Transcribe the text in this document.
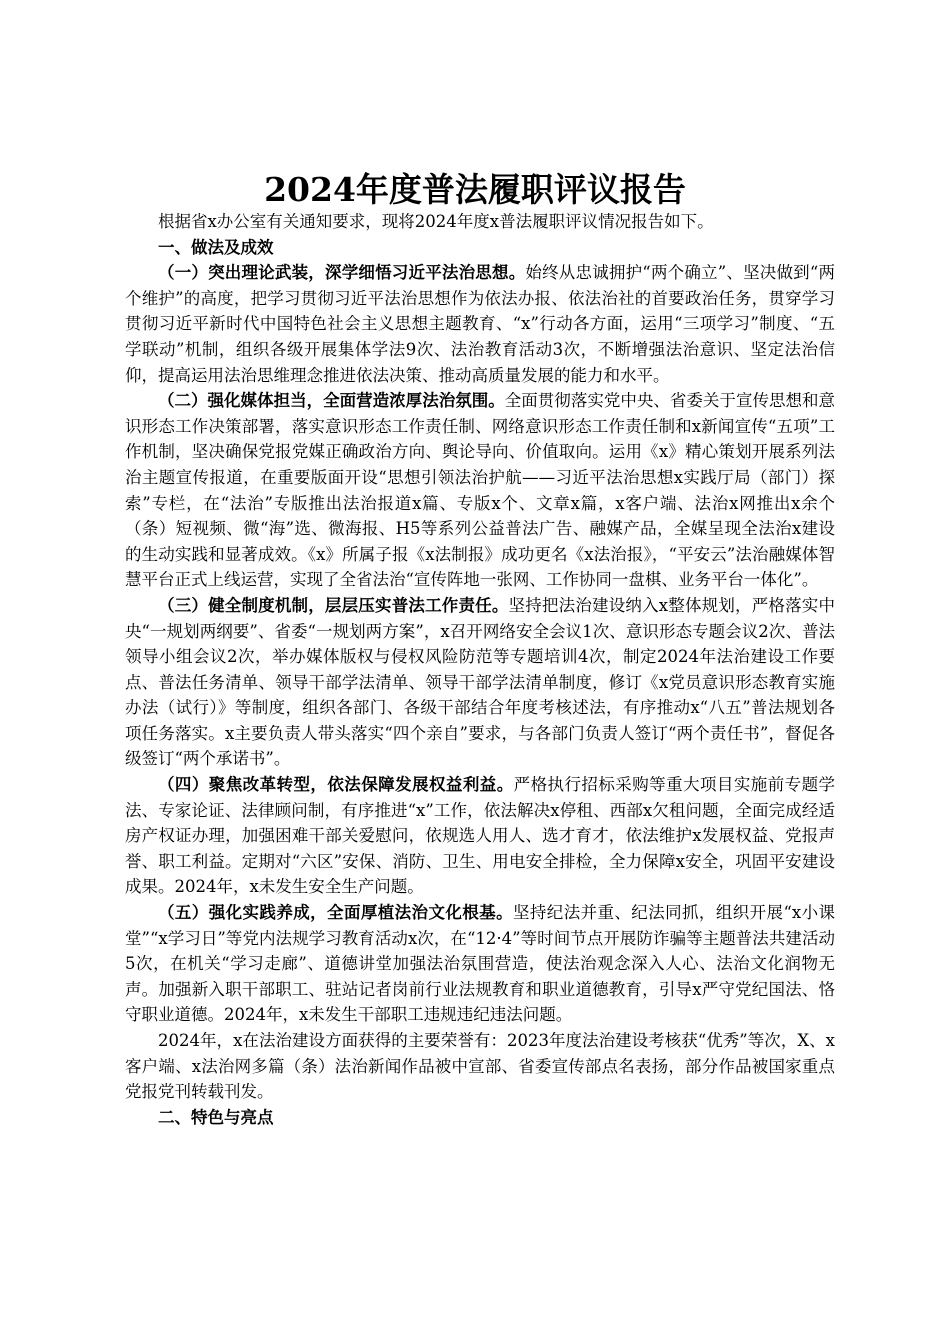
2024年度普法履职评议报告

根据省x办公室有关通知要求，现将2024年度x普法履职评议情况报告如下。

一、做法及成效

（一）突出理论武装，深学细悟习近平法治思想。始终从忠诚拥护“两个确立”、坚决做到“两个维护”的高度，把学习贯彻习近平法治思想作为依法办报、依法治社的首要政治任务，贯穿学习贯彻习近平新时代中国特色社会主义思想主题教育、“x”行动各方面，运用“三项学习”制度、“五学联动”机制，组织各级开展集体学法9次、法治教育活动3次，不断增强法治意识、坚定法治信仰，提高运用法治思维理念推进依法决策、推动高质量发展的能力和水平。

（二）强化媒体担当，全面营造浓厚法治氛围。全面贯彻落实党中央、省委关于宣传思想和意识形态工作决策部署，落实意识形态工作责任制、网络意识形态工作责任制和x新闻宣传“五项”工作机制，坚决确保党报党媒正确政治方向、舆论导向、价值取向。运用《x》精心策划开展系列法治主题宣传报道，在重要版面开设“思想引领法治护航——习近平法治思想x实践厅局（部门）探索”专栏，在“法治”专版推出法治报道x篇、专版x个、文章x篇，x客户端、法治x网推出x余个（条）短视频、微“海”选、微海报、H5等系列公益普法广告、融媒产品，全媒呈现全法治x建设的生动实践和显著成效。《x》所属子报《x法制报》成功更名《x法治报》，“平安云”法治融媒体智慧平台正式上线运营，实现了全省法治“宣传阵地一张网、工作协同一盘棋、业务平台一体化”。

（三）健全制度机制，层层压实普法工作责任。坚持把法治建设纳入x整体规划，严格落实中央“一规划两纲要”、省委“一规划两方案”，x召开网络安全会议1次、意识形态专题会议2次、普法领导小组会议2次，举办媒体版权与侵权风险防范等专题培训4次，制定2024年法治建设工作要点、普法任务清单、领导干部学法清单、领导干部学法清单制度，修订《x党员意识形态教育实施办法（试行）》等制度，组织各部门、各级干部结合年度考核述法，有序推动x“八五”普法规划各项任务落实。x主要负责人带头落实“四个亲自”要求，与各部门负责人签订“两个责任书”，督促各级签订“两个承诺书”。

（四）聚焦改革转型，依法保障发展权益利益。严格执行招标采购等重大项目实施前专题学法、专家论证、法律顾问制，有序推进“x”工作，依法解决x停租、西部x欠租问题，全面完成经适房产权证办理，加强困难干部关爱慰问，依规选人用人、选才育才，依法维护x发展权益、党报声誉、职工利益。定期对“六区”安保、消防、卫生、用电安全排检，全力保障x安全，巩固平安建设成果。2024年，x未发生安全生产问题。

（五）强化实践养成，全面厚植法治文化根基。坚持纪法并重、纪法同抓，组织开展“x小课堂”“x学习日”等党内法规学习教育活动x次，在“12·4”等时间节点开展防诈骗等主题普法共建活动5次，在机关“学习走廊”、道德讲堂加强法治氛围营造，使法治观念深入人心、法治文化润物无声。加强新入职干部职工、驻站记者岗前行业法规教育和职业道德教育，引导x严守党纪国法、恪守职业道德。2024年，x未发生干部职工违规违纪违法问题。

2024年，x在法治建设方面获得的主要荣誉有：2023年度法治建设考核获“优秀”等次，X、x客户端、x法治网多篇（条）法治新闻作品被中宣部、省委宣传部点名表扬，部分作品被国家重点党报党刊转载刊发。

二、特色与亮点
